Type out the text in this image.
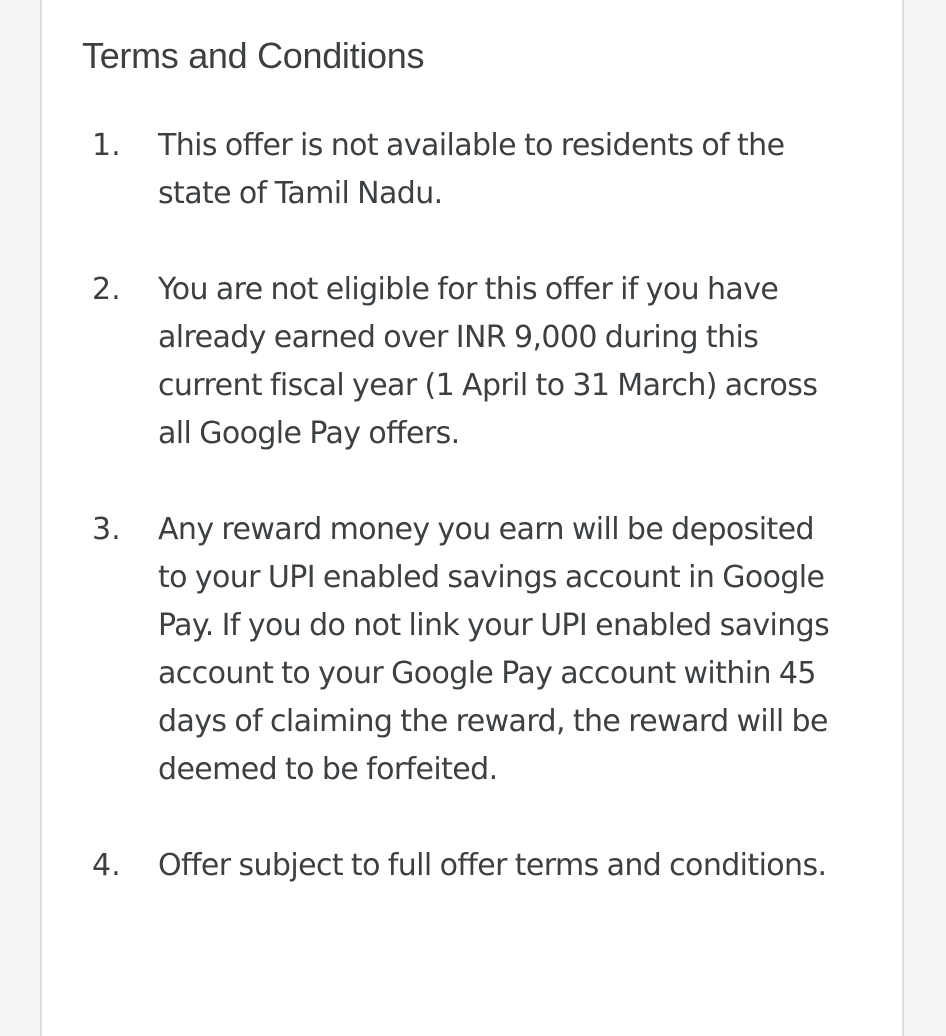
Terms and Conditions
1.	This offer is not available to residents of the state of Tamil Nadu.
2.	You are not eligible for this offer if you have already earned over INR 9,000 during this current fiscal year (1 April to 31 March) across all Google Pay offers.
3.	Any reward money you earn will be deposited to your UPI enabled savings account in Google Pay. If you do not link your UPI enabled savings account to your Google Pay account within 45 days of claiming the reward, the reward will be deemed to be forfeited.
4.	Offer subject to full offer terms and conditions.
